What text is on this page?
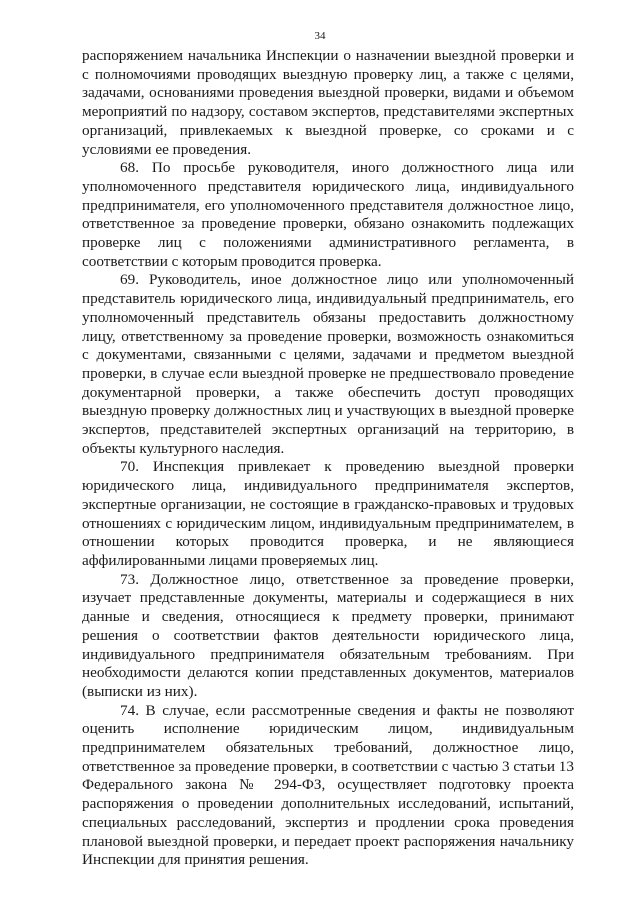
34

распоряжением начальника Инспекции о назначении выездной проверки и с полномочиями проводящих выездную проверку лиц, а также с целями, задачами, основаниями проведения выездной проверки, видами и объемом мероприятий по надзору, составом экспертов, представителями экспертных организаций, привлекаемых к выездной проверке, со сроками и с условиями ее проведения.

68. По просьбе руководителя, иного должностного лица или уполномоченного представителя юридического лица, индивидуального предпринимателя, его уполномоченного представителя должностное лицо, ответственное за проведение проверки, обязано ознакомить подлежащих проверке лиц с положениями административного регламента, в соответствии с которым проводится проверка.

69. Руководитель, иное должностное лицо или уполномоченный представитель юридического лица, индивидуальный предприниматель, его уполномоченный представитель обязаны предоставить должностному лицу, ответственному за проведение проверки, возможность ознакомиться с документами, связанными с целями, задачами и предметом выездной проверки, в случае если выездной проверке не предшествовало проведение документарной проверки, а также обеспечить доступ проводящих выездную проверку должностных лиц и участвующих в выездной проверке экспертов, представителей экспертных организаций на территорию, в объекты культурного наследия.

70. Инспекция привлекает к проведению выездной проверки юридического лица, индивидуального предпринимателя экспертов, экспертные организации, не состоящие в гражданско-правовых и трудовых отношениях с юридическим лицом, индивидуальным предпринимателем, в отношении которых проводится проверка, и не являющиеся аффилированными лицами проверяемых лиц.

73. Должностное лицо, ответственное за проведение проверки, изучает представленные документы, материалы и содержащиеся в них данные и сведения, относящиеся к предмету проверки, принимают решения о соответствии фактов деятельности юридического лица, индивидуального предпринимателя обязательным требованиям. При необходимости делаются копии представленных документов, материалов (выписки из них).

74. В случае, если рассмотренные сведения и факты не позволяют оценить исполнение юридическим лицом, индивидуальным предпринимателем обязательных требований, должностное лицо, ответственное за проведение проверки, в соответствии с частью 3 статьи 13 Федерального закона № 294-ФЗ, осуществляет подготовку проекта распоряжения о проведении дополнительных исследований, испытаний, специальных расследований, экспертиз и продлении срока проведения плановой выездной проверки, и передает проект распоряжения начальнику Инспекции для принятия решения.
